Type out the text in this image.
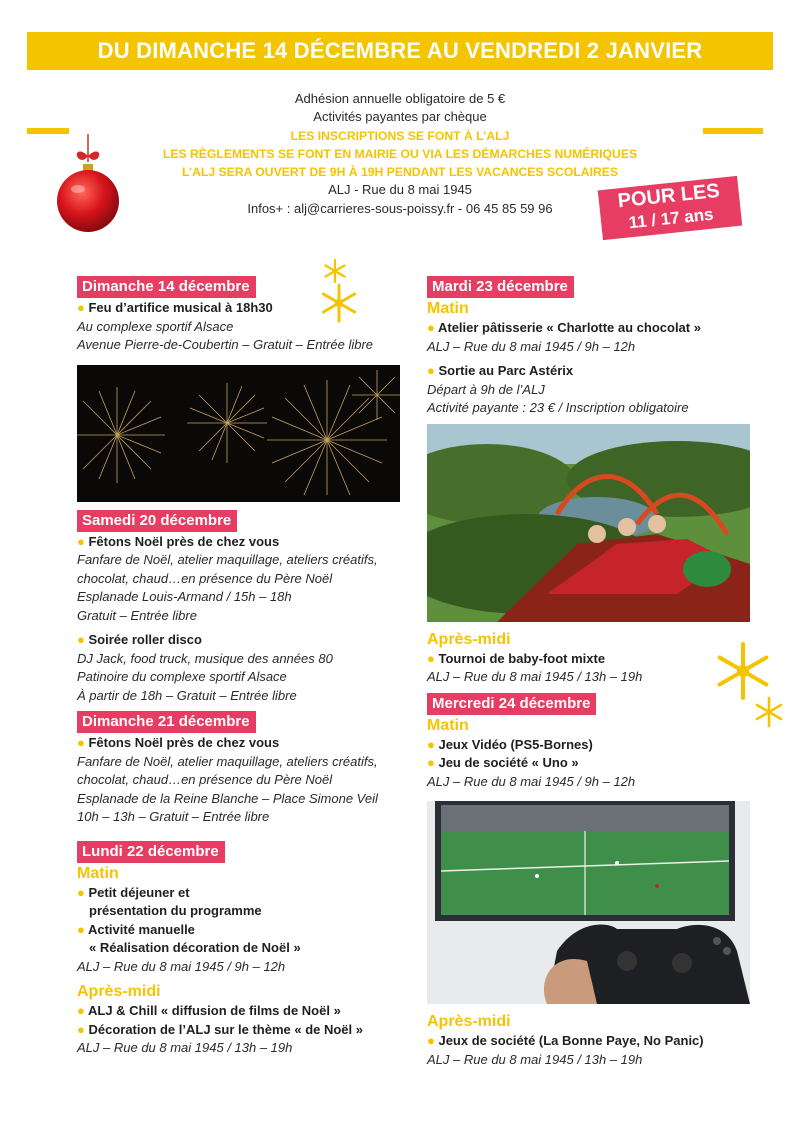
DU DIMANCHE 14 DÉCEMBRE AU VENDREDI 2 JANVIER
Adhésion annuelle obligatoire de 5 €
Activités payantes par chèque
LES INSCRIPTIONS SE FONT À L’ALJ
LES RÈGLEMENTS SE FONT EN MAIRIE OU VIA LES DÉMARCHES NUMÉRIQUES
L’ALJ SERA OUVERT DE 9H À 19H PENDANT LES VACANCES SCOLAIRES
ALJ - Rue du 8 mai 1945
Infos+ : alj@carrieres-sous-poissy.fr - 06 45 85 59 96	POUR LES
11 / 17 ans
Dimanche 14 décembre
● Feu d’artifice musical à 18h30
Au complexe sportif Alsace
Avenue Pierre-de-Coubertin – Gratuit – Entrée libre
Samedi 20 décembre
● Fêtons Noël près de chez vous
Fanfare de Noël, atelier maquillage, ateliers créatifs,
chocolat, chaud…en présence du Père Noël
Esplanade Louis-Armand / 15h – 18h
Gratuit – Entrée libre
● Soirée roller disco
DJ Jack, food truck, musique des années 80
Patinoire du complexe sportif Alsace
À partir de 18h – Gratuit – Entrée libre
Dimanche 21 décembre
● Fêtons Noël près de chez vous
Fanfare de Noël, atelier maquillage, ateliers créatifs,
chocolat, chaud…en présence du Père Noël
Esplanade de la Reine Blanche – Place Simone Veil
10h – 13h – Gratuit – Entrée libre
Lundi 22 décembre
Matin
● Petit déjeuner et
présentation du programme
● Activité manuelle
« Réalisation décoration de Noël »
ALJ – Rue du 8 mai 1945 / 9h – 12h
Après-midi
● ALJ & Chill « diffusion de films de Noël »
● Décoration de l’ALJ sur le thème « de Noël »
ALJ – Rue du 8 mai 1945 / 13h – 19h
Mardi 23 décembre
Matin
● Atelier pâtisserie « Charlotte au chocolat »
ALJ – Rue du 8 mai 1945 / 9h – 12h
● Sortie au Parc Astérix
Départ à 9h de l’ALJ
Activité payante : 23 € / Inscription obligatoire
Après-midi
● Tournoi de baby-foot mixte
ALJ – Rue du 8 mai 1945 / 13h – 19h
Mercredi 24 décembre
Matin
● Jeux Vidéo (PS5-Bornes)
● Jeu de société « Uno »
ALJ – Rue du 8 mai 1945 / 9h – 12h
Après-midi
● Jeux de société (La Bonne Paye, No Panic)
ALJ – Rue du 8 mai 1945 / 13h – 19h
